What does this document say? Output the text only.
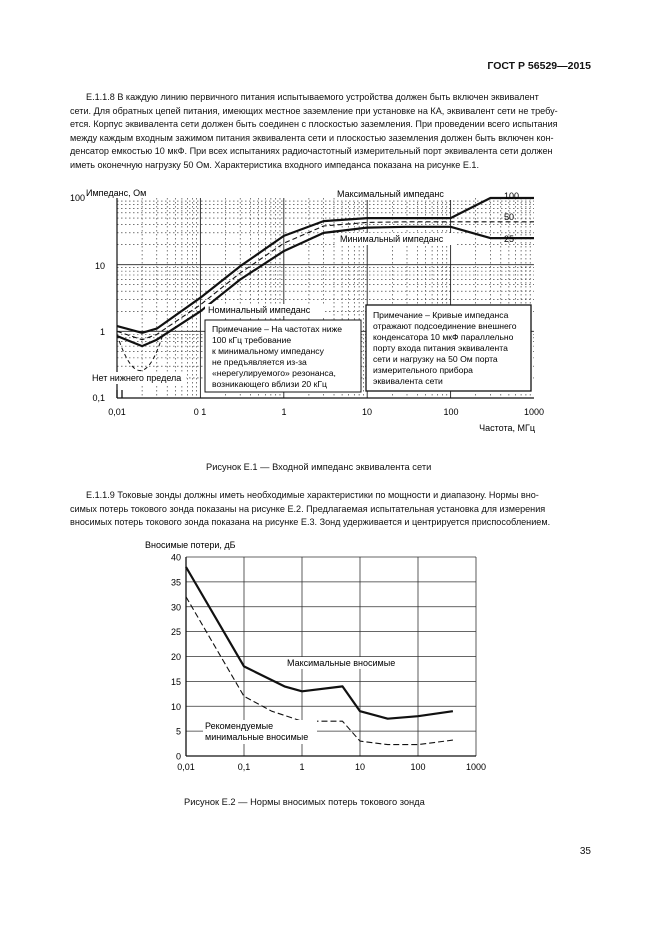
ГОСТ Р 56529—2015

Е.1.1.8 В каждую линию первичного питания испытываемого устройства должен быть включен эквивалент

сети. Для обратных цепей питания, имеющих местное заземление при установке на КА, эквивалент сети не требу-

ется. Корпус эквивалента сети должен быть соединен с плоскостью заземления. При проведении всего испытания

между каждым входным зажимом питания эквивалента сети и плоскостью заземления должен быть включен кон-

денсатор емкостью 10 мкФ. При всех испытаниях радиочастотный измерительный порт эквивалента сети должен

иметь оконечную нагрузку 50 Ом. Характеристика входного импеданса показана на рисунке Е.1.

Импеданс, Ом
100
10
1
0,1
0,01	0 1	1	10	100	1000
Частота, МГц
Максимальный импеданс
Минимальный импеданс
Номинальный импеданс
100
50
25
Нет нижнего предела
Примечание – На частотах ниже 100 кГц требование к минимальному импедансу не предъявляется из-за «нерегулируемого» резонанса, возникающего вблизи 20 кГц
Примечание – Кривые импеданса отражают подсоединение внешнего конденсатора 10 мкФ параллельно порту входа питания эквивалента сети и нагрузку на 50 Ом порта измерительного прибора эквивалента сети
Рисунок Е.1 — Входной импеданс эквивалента сети

Е.1.1.9 Токовые зонды должны иметь необходимые характеристики по мощности и диапазону. Нормы вно-

симых потерь токового зонда показаны на рисунке Е.2. Предлагаемая испытательная установка для измерения

вносимых потерь токового зонда показана на рисунке Е.3. Зонд удерживается и центрируется приспособлением.

Вносимые потери, дБ
40
35
30
25
20
15
10
5
0
0,01	0,1	1	10	100	1000
Максимальные вносимые
Рекомендуемые
минимальные вносимые
Рисунок Е.2 — Нормы вносимых потерь токового зонда
35
